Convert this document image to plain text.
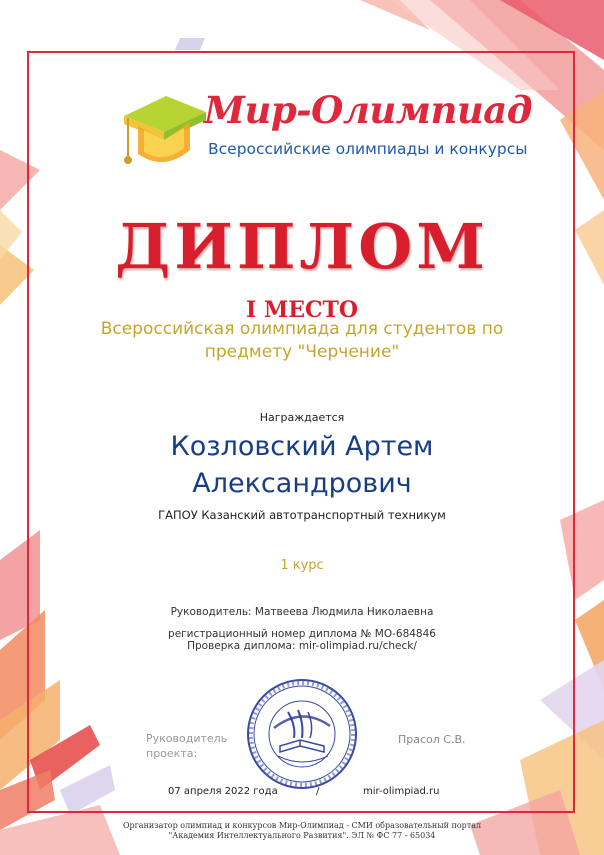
Мир-Олимпиад
Всероссийские олимпиады и конкурсы
ДИПЛОМ
I МЕСТО
Всероссийская олимпиада для студентов по
предмету "Черчение"
Награждается
Козловский Артем
Александрович
ГАПОУ Казанский автотранспортный техникум
1 курс
Руководитель: Матвеева Людмила Николаевна
регистрационный номер диплома № МО-684846
Проверка диплома: mir-olimpiad.ru/check/
Руководитель
проекта:
Прасол С.В.
07 апреля 2022 года	/	mir-olimpiad.ru
Организатор олимпиад и конкурсов Мир-Олимпиад - СМИ образовательный портал
"Академия Интеллектуального Развития". ЭЛ № ФС 77 - 65034
